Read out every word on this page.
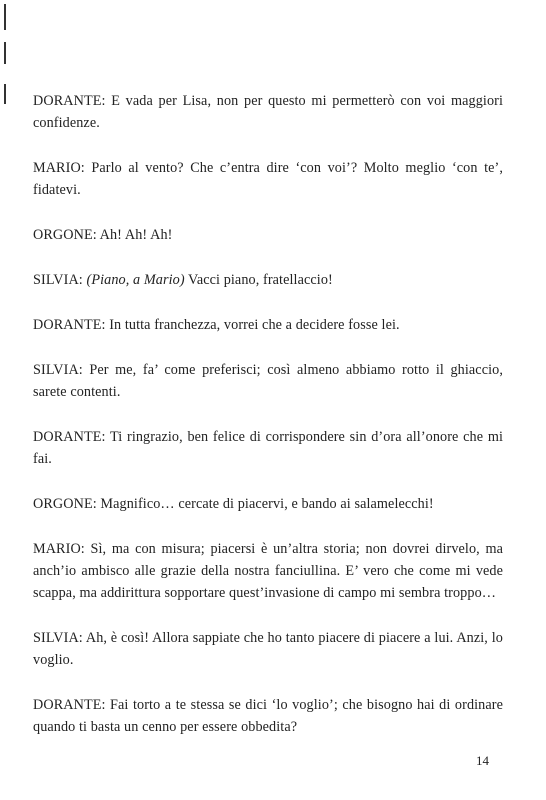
DORANTE: E vada per Lisa, non per questo mi permetterò con voi maggiori confidenze.

MARIO: Parlo al vento? Che c’entra dire ‘con voi’? Molto meglio ‘con te’, fidatevi.

ORGONE: Ah! Ah! Ah!

SILVIA: (Piano, a Mario) Vacci piano, fratellaccio!

DORANTE: In tutta franchezza, vorrei che a decidere fosse lei.

SILVIA: Per me, fa’ come preferisci; così almeno abbiamo rotto il ghiaccio, sarete contenti.

DORANTE: Ti ringrazio, ben felice di corrispondere sin d’ora all’onore che mi fai.

ORGONE: Magnifico… cercate di piacervi, e bando ai salamelecchi!

MARIO: Sì, ma con misura; piacersi è un’altra storia; non dovrei dirvelo, ma anch’io ambisco alle grazie della nostra fanciullina. E’ vero che come mi vede scappa, ma addirittura sopportare quest’invasione di campo mi sembra troppo…

SILVIA: Ah, è così! Allora sappiate che ho tanto piacere di piacere a lui. Anzi, lo voglio.

DORANTE: Fai torto a te stessa se dici ‘lo voglio’; che bisogno hai di ordinare quando ti basta un cenno per essere obbedita?

14
